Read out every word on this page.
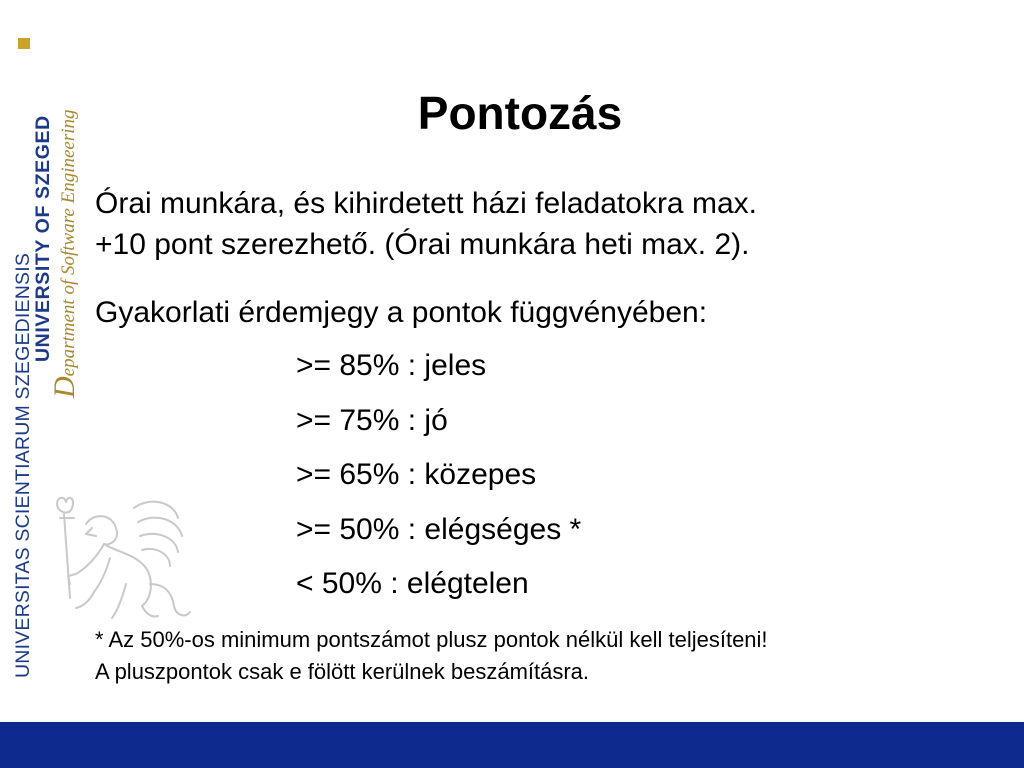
UNIVERSITAS SCIENTIARUM SZEGEDIENSIS
UNIVERSITY OF SZEGED
Department of Software Engineering	Pontozás
Órai munkára, és kihirdetett házi feladatokra max.
+10 pont szerezhető. (Órai munkára heti max. 2).
Gyakorlati érdemjegy a pontok függvényében:
>= 85% : jeles
>= 75% : jó
>= 65% : közepes
>= 50% : elégséges *
< 50% : elégtelen
* Az 50%-os minimum pontszámot plusz pontok nélkül kell teljesíteni!
A pluszpontok csak e fölött kerülnek beszámításra.
